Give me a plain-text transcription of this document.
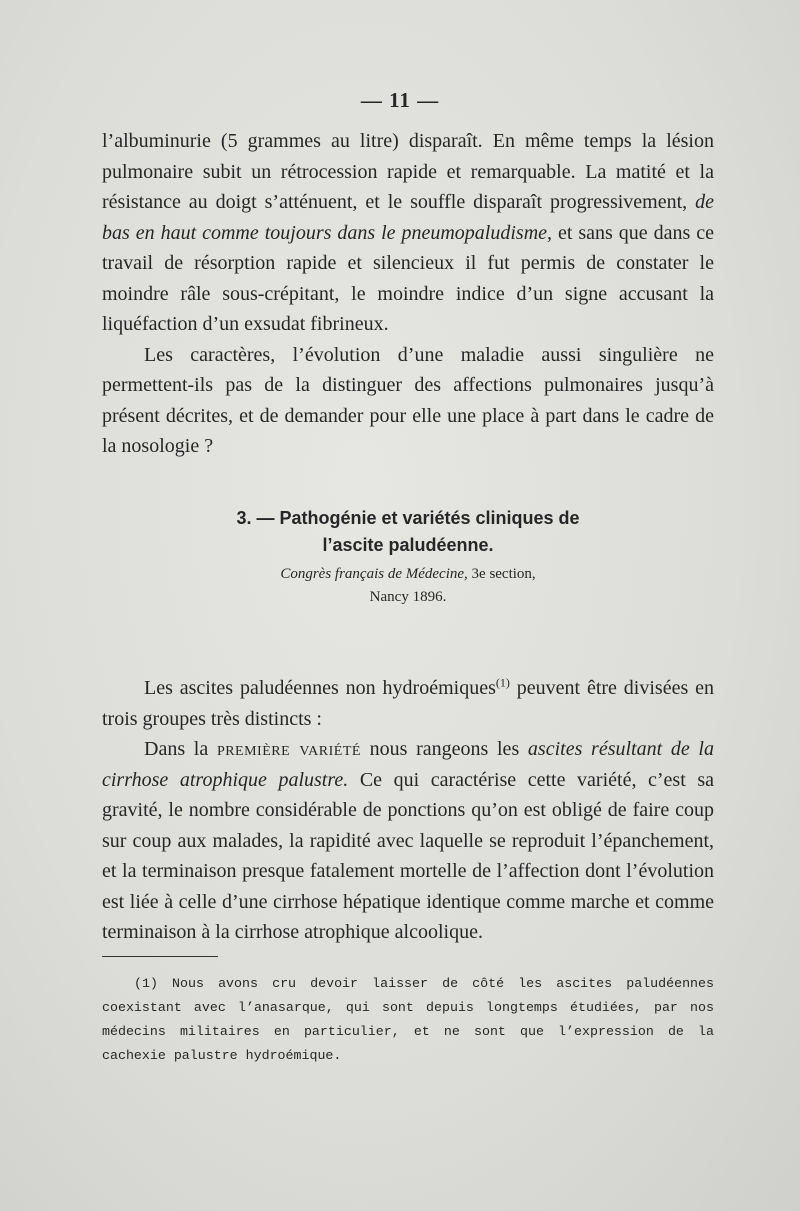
— 11 —

l’albuminurie (5 grammes au litre) disparaît. En même temps la lésion pulmonaire subit un rétrocession rapide et remarquable. La matité et la résistance au doigt s’atténuent, et le souffle disparaît progressivement, de bas en haut comme toujours dans le pneumopaludisme, et sans que dans ce travail de résorption rapide et silencieux il fut permis de constater le moindre râle sous-crépitant, le moindre indice d’un signe accusant la liquéfaction d’un exsudat fibrineux.

Les caractères, l’évolution d’une maladie aussi singulière ne permettent-ils pas de la distinguer des affections pulmonaires jusqu’à présent décrites, et de demander pour elle une place à part dans le cadre de la nosologie ?

3. — Pathogénie et variétés cliniques de
l’ascite paludéenne.
Congrès français de Médecine, 3e section,
Nancy 1896.

Les ascites paludéennes non hydroémiques$^{(1)}$ peuvent être divisées en trois groupes très distincts :

Dans la première variété nous rangeons les ascites résultant de la cirrhose atrophique palustre. Ce qui caractérise cette variété, c’est sa gravité, le nombre considérable de ponctions qu’on est obligé de faire coup sur coup aux malades, la rapidité avec laquelle se reproduit l’épanchement, et la terminaison presque fatalement mortelle de l’affection dont l’évolution est liée à celle d’une cirrhose hépatique identique comme marche et comme terminaison à la cirrhose atrophique alcoolique.

(1) Nous avons cru devoir laisser de côté les ascites paludéennes coexistant avec l’anasarque, qui sont depuis longtemps étudiées, par nos médecins militaires en particulier, et ne sont que l’expression de la cachexie palustre hydroémique.
